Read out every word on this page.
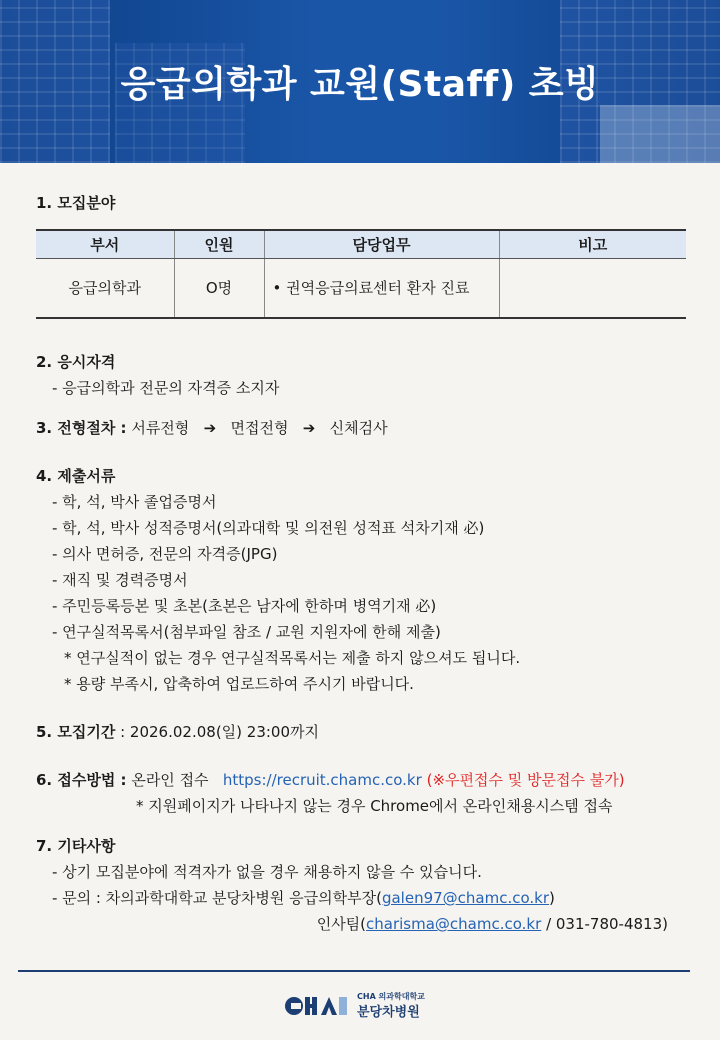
응급의학과 교원(Staff) 초빙
1. 모집분야
부서	인원	담당업무	비고
응급의학과	O명	• 권역응급의료센터 환자 진료	
2. 응시자격
- 응급의학과 전문의 자격증 소지자
3. 전형절차 : 서류전형 ➔ 면접전형 ➔ 신체검사
4. 제출서류
- 학, 석, 박사 졸업증명서
- 학, 석, 박사 성적증명서(의과대학 및 의전원 성적표 석차기재 必)
- 의사 면허증, 전문의 자격증(JPG)
- 재직 및 경력증명서
- 주민등록등본 및 초본(초본은 남자에 한하며 병역기재 必)
- 연구실적목록서(첨부파일 참조 / 교원 지원자에 한해 제출)
* 연구실적이 없는 경우 연구실적목록서는 제출 하지 않으셔도 됩니다.
* 용량 부족시, 압축하여 업로드하여 주시기 바랍니다.
5. 모집기간 : 2026.02.08(일) 23:00까지
6. 접수방법 : 온라인 접수 https://recruit.chamc.co.kr (※우편접수 및 방문접수 불가)
* 지원페이지가 나타나지 않는 경우 Chrome에서 온라인채용시스템 접속
7. 기타사항
- 상기 모집분야에 적격자가 없을 경우 채용하지 않을 수 있습니다.
- 문의 : 차의과학대학교 분당차병원 응급의학부장(galen97@chamc.co.kr)
인사팀(charisma@chamc.co.kr / 031-780-4813)
CHA 의과학대학교
분당차병원
